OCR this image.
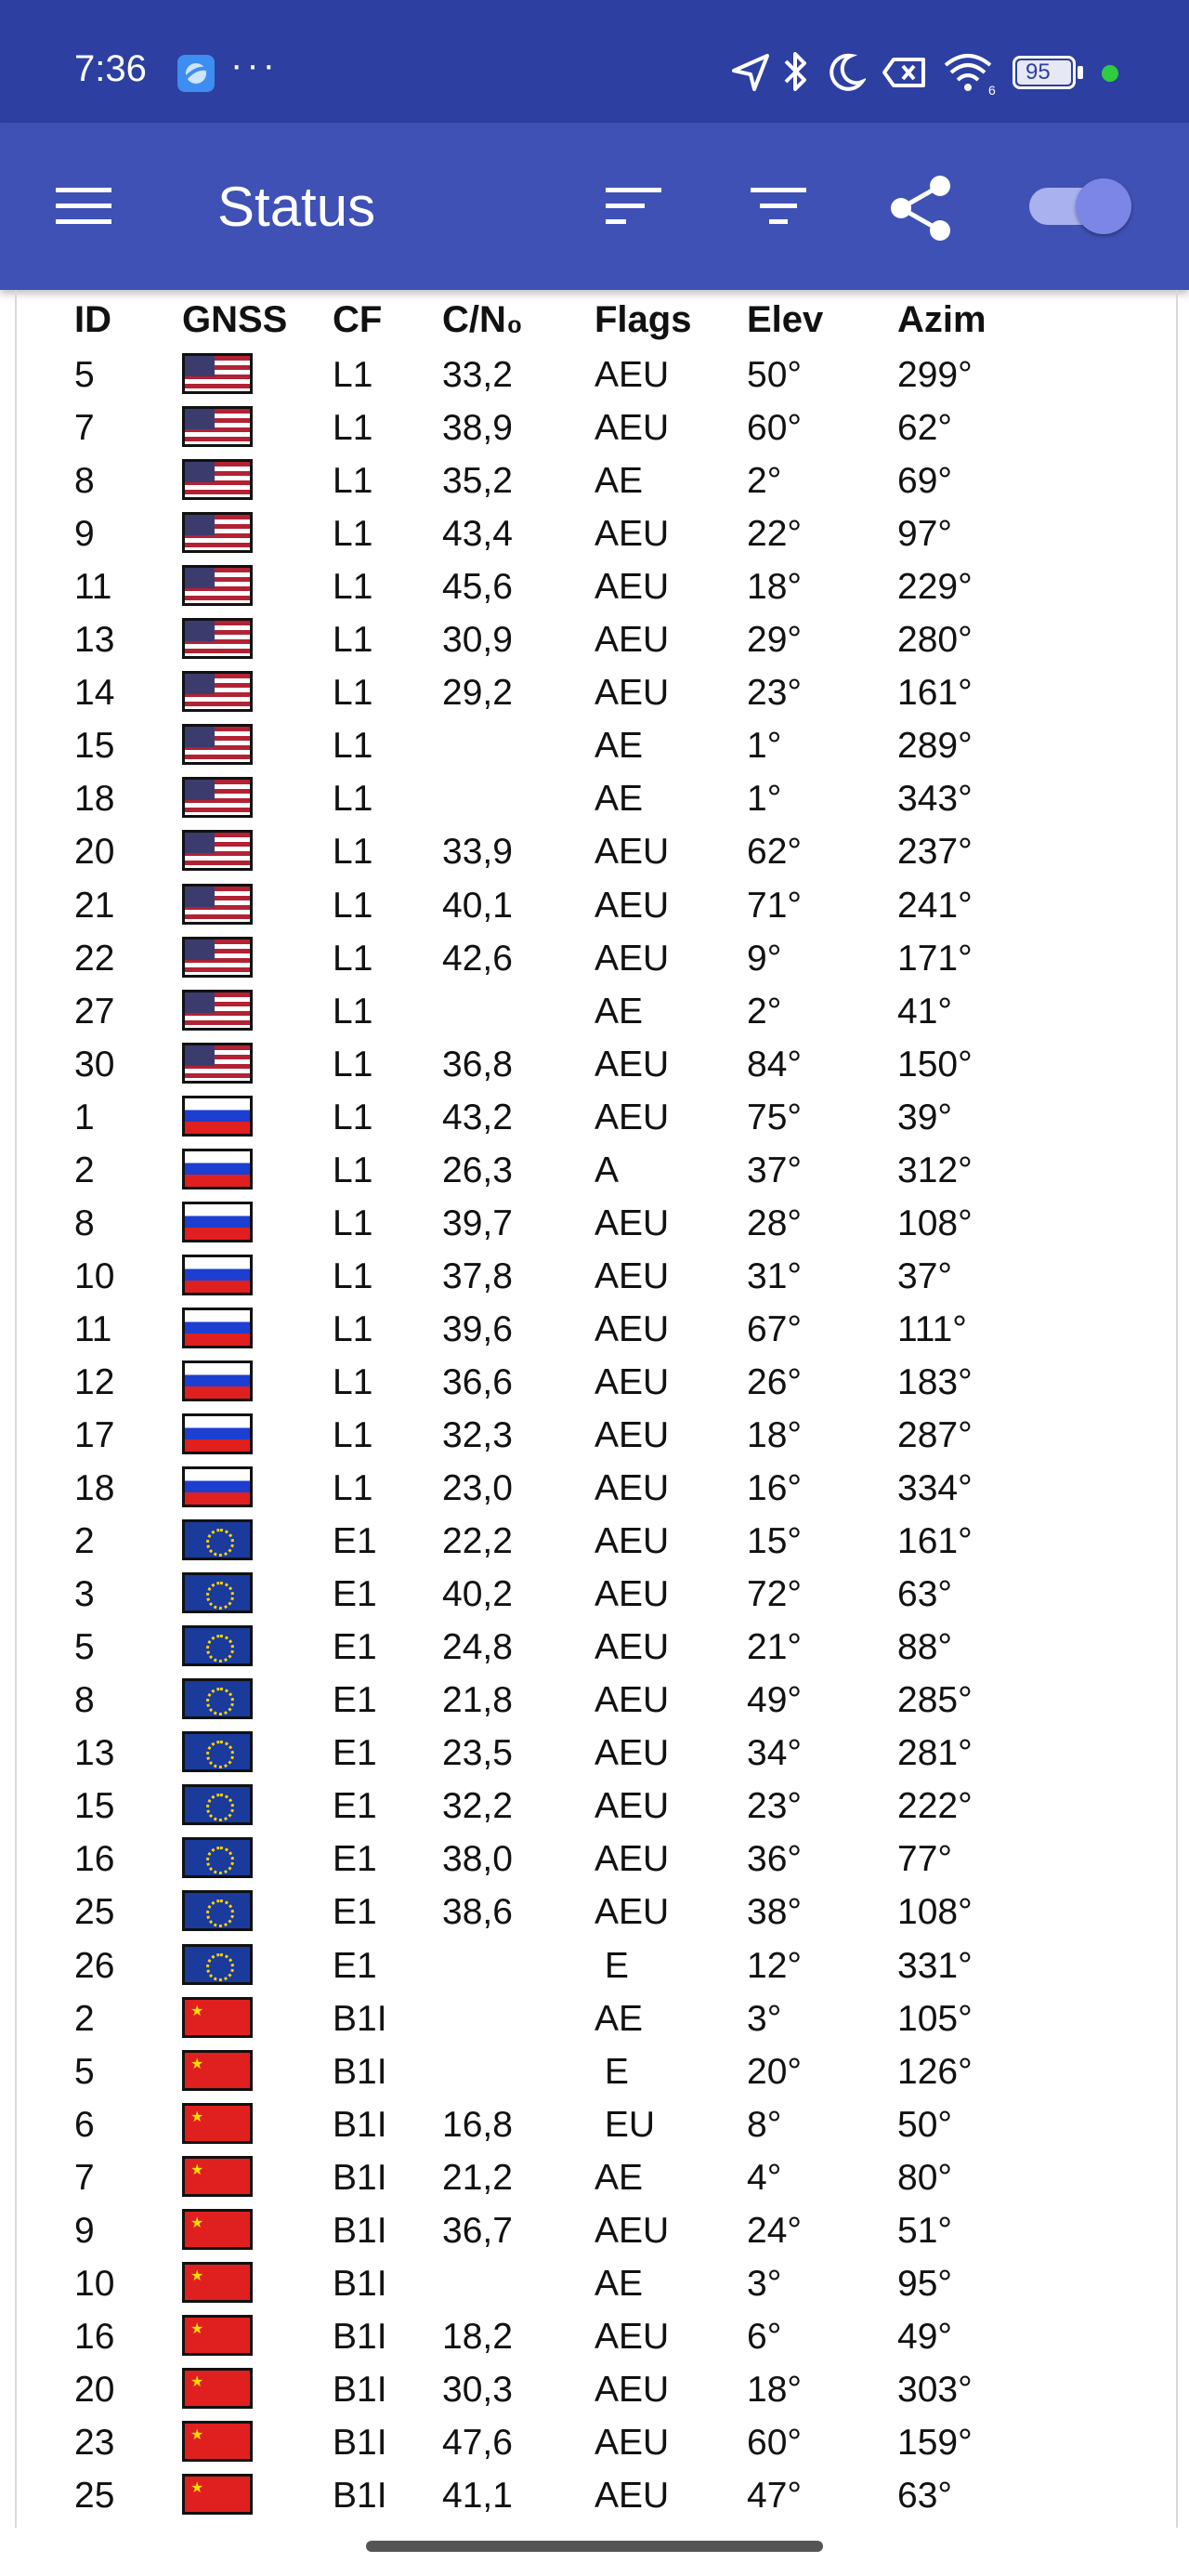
7:36 ···
6
95
Status
ID GNSS CF C/N₀ Flags Elev Azim
5	L1 33,2 AEU 50°	299°
7	L1 38,9 AEU 60°	62°
8	L1 35,2 AE	2°	69°
9	L1 43,4 AEU 22°	97°
11	L1 45,6 AEU 18°	229°
13	L1 30,9 AEU 29°	280°
14	L1 29,2 AEU 23°	161°
15	L1	AE	1°	289°
18	L1	AE	1°	343°
20	L1 33,9 AEU 62°	237°
21	L1 40,1 AEU 71°	241°
22	L1 42,6 AEU 9°	171°
27	L1	AE	2°	41°
30	L1 36,8 AEU 84°	150°
1	L1 43,2 AEU 75°	39°
2	L1 26,3 A	37°	312°
8	L1 39,7 AEU 28°	108°
10	L1 37,8 AEU 31°	37°
11	L1 39,6 AEU 67°	111°
12	L1 36,6 AEU 26°	183°
17	L1 32,3 AEU 18°	287°
18	L1 23,0 AEU 16°	334°
2	E1 22,2 AEU 15°	161°
3	E1 40,2 AEU 72°	63°
5	E1 24,8 AEU 21°	88°
8	E1 21,8 AEU 49°	285°
13	E1 23,5 AEU 34°	281°
15	E1 32,2 AEU 23°	222°
16	E1 38,0 AEU 36°	77°
25	E1 38,6 AEU 38°	108°
26	E1	E	12°	331°
2	B1I	AE	3°	105°
★
5	B1I	E	20°	126°
★
6	B1I 16,8 EU	8°	50°
★
7	B1I 21,2 AE	4°	80°
★
9	B1I 36,7 AEU 24°	51°
★
10	B1I	AE	3°	95°
★
16	B1I 18,2 AEU 6°	49°
★
20	B1I 30,3 AEU 18°	303°
★
23	B1I 47,6 AEU 60°	159°
★
25	B1I 41,1 AEU 47°	63°
★
